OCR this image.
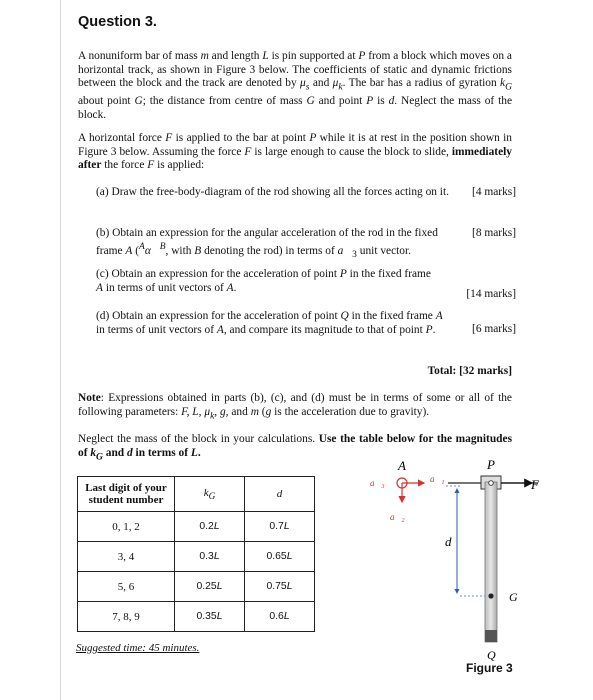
Question 3.

A nonuniform bar of mass m and length L is pin supported at P from a block which moves on a horizontal track, as shown in Figure 3 below. The coefficients of static and dynamic frictions between the block and the track are denoted by $\mu_s$ and $\mu_k$. The bar has a radius of gyration $k_G$ about point G; the distance from centre of mass G and point P is d. Neglect the mass of the block.

A horizontal force F is applied to the bar at point P while it is at rest in the position shown in Figure 3 below. Assuming the force F is large enough to cause the block to slide, immediately after the force F is applied:

(a) Draw the free-body-diagram of the rod showing all the forces acting on it. [4 marks]
(b) Obtain an expression for the angular acceleration of the rod in the fixed frame A ($^A$α⃗$^B$, with B denoting the rod) in terms of $a⃗_3$ unit vector.
[8 marks]
(c) Obtain an expression for the acceleration of point P in the fixed frame
A in terms of unit vectors of A.
[14 marks]
(d) Obtain an expression for the acceleration of point Q in the fixed frame A in terms of unit vectors of A, and compare its magnitude to that of point P.	[6 marks]
Total: [32 marks]

Note: Expressions obtained in parts (b), (c), and (d) must be in terms of some or all of the following parameters: F, L, $\mu_k$, g, and m (g is the acceleration due to gravity).

Neglect the mass of the block in your calculations. Use the table below for the magnitudes of $k_G$ and d in terms of L.

Last digit of your student number	$k_G$	d
0, 1, 2	0.2L	0.7L
3, 4	0.3L	0.65L
5, 6	0.25L	0.75L
7, 8, 9	0.35L	0.6L
Suggested time: 45 minutes.
A
$a⃗_1$
$a⃗_3$
$a⃗_2$
P
F
G
d
Q
Figure 3
